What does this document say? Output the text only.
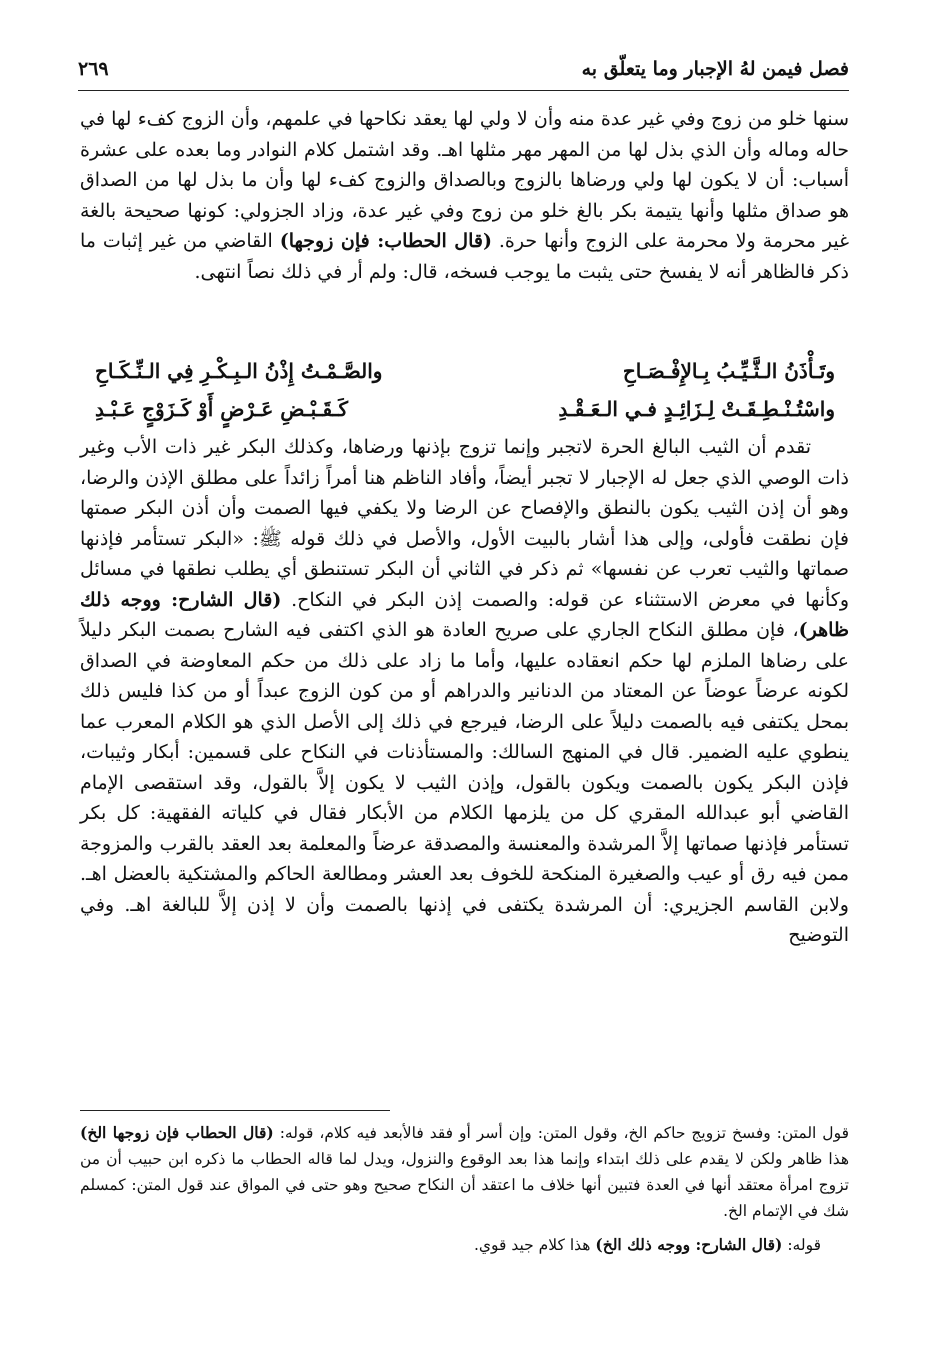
فصل فيمن لهُ الإجبار وما يتعلّق به
٢٦٩

سنها خلو من زوج وفي غير عدة منه وأن لا ولي لها يعقد نكاحها في علمهم، وأن الزوج كفء لها في حاله وماله وأن الذي بذل لها من المهر مهر مثلها اهـ. وقد اشتمل كلام النوادر وما بعده على عشرة أسباب: أن لا يكون لها ولي ورضاها بالزوج وبالصداق والزوج كفء لها وأن ما بذل لها من الصداق هو صداق مثلها وأنها يتيمة بكر بالغ خلو من زوج وفي غير عدة، وزاد الجزولي: كونها صحيحة بالغة غير محرمة ولا محرمة على الزوج وأنها حرة. (قال الحطاب: فإن زوجها) القاضي من غير إثبات ما ذكر فالظاهر أنه لا يفسخ حتى يثبت ما يوجب فسخه، قال: ولم أر في ذلك نصاً انتهى.

وتَـأْذَنُ الـثَّـيِّـبُ بِـالإِفْـصَـاحِ
والصَّـمْـتُ إِذْنُ الـبِـكْـرِ فِي الـنِّـكَـاحِ
واسْتُـنْـطِـقَـتْ لِـزَائِـدٍ فـي الـعَـقْـدِ
كَـقَـبْـضِ عَـرْضٍ أَوْ كَـزَوْجٍ عَـبْـدِ

تقدم أن الثيب البالغ الحرة لاتجبر وإنما تزوج بإذنها ورضاها، وكذلك البكر غير ذات الأب وغير ذات الوصي الذي جعل له الإجبار لا تجبر أيضاً، وأفاد الناظم هنا أمراً زائداً على مطلق الإذن والرضا، وهو أن إذن الثيب يكون بالنطق والإفصاح عن الرضا ولا يكفي فيها الصمت وأن أذن البكر صمتها فإن نطقت فأولى، وإلى هذا أشار بالبيت الأول، والأصل في ذلك قوله ﷺ: «البكر تستأمر فإذنها صماتها والثيب تعرب عن نفسها» ثم ذكر في الثاني أن البكر تستنطق أي يطلب نطقها في مسائل وكأنها في معرض الاستثناء عن قوله: والصمت إذن البكر في النكاح. (قال الشارح: ووجه ذلك ظاهر)، فإن مطلق النكاح الجاري على صريح العادة هو الذي اكتفى فيه الشارح بصمت البكر دليلاً على رضاها الملزم لها حكم انعقاده عليها، وأما ما زاد على ذلك من حكم المعاوضة في الصداق لكونه عرضاً عوضاً عن المعتاد من الدنانير والدراهم أو من كون الزوج عبداً أو من كذا فليس ذلك بمحل يكتفى فيه بالصمت دليلاً على الرضا، فيرجع في ذلك إلى الأصل الذي هو الكلام المعرب عما ينطوي عليه الضمير. قال في المنهج السالك: والمستأذنات في النكاح على قسمين: أبكار وثيبات، فإذن البكر يكون بالصمت ويكون بالقول، وإذن الثيب لا يكون إلاَّ بالقول، وقد استقصى الإمام القاضي أبو عبدالله المقري كل من يلزمها الكلام من الأبكار فقال في كلياته الفقهية: كل بكر تستأمر فإذنها صماتها إلاَّ المرشدة والمعنسة والمصدقة عرضاً والمعلمة بعد العقد بالقرب والمزوجة ممن فيه رق أو عيب والصغيرة المنكحة للخوف بعد العشر ومطالعة الحاكم والمشتكية بالعضل اهـ. ولابن القاسم الجزيري: أن المرشدة يكتفى في إذنها بالصمت وأن لا إذن إلاَّ للبالغة اهـ. وفي التوضيح

قول المتن: وفسخ تزويج حاكم الخ، وقول المتن: وإن أسر أو فقد فالأبعد فيه كلام، قوله: (قال الحطاب فإن زوجها الخ) هذا ظاهر ولكن لا يقدم على ذلك ابتداء وإنما هذا بعد الوقوع والنزول، ويدل لما قاله الحطاب ما ذكره ابن حبيب أن من تزوج امرأة معتقد أنها في العدة فتبين أنها خلاف ما اعتقد أن النكاح صحيح وهو حتى في المواق عند قول المتن: كمسلم شك في الإتمام الخ.

قوله: (قال الشارح: ووجه ذلك الخ) هذا كلام جيد قوي.
